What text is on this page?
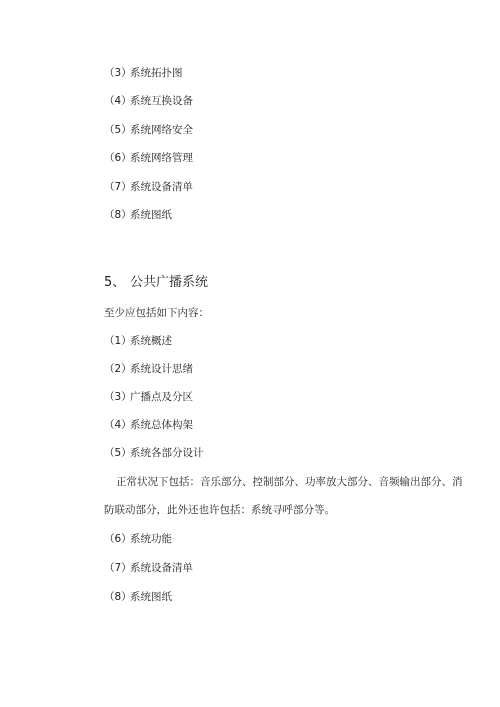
（3）系统拓扑图
（4）系统互换设备
（5）系统网络安全
（6）系统网络管理
（7）系统设备清单
（8）系统图纸
5、 公共广播系统
至少应包括如下内容：
（1）系统概述
（2）系统设计思绪
（3）广播点及分区
（4）系统总体构架
（5）系统各部分设计
正常状况下包括：音乐部分、控制部分、功率放大部分、音频输出部分、消
防联动部分，此外还也许包括：系统寻呼部分等。
（6）系统功能
（7）系统设备清单
（8）系统图纸
